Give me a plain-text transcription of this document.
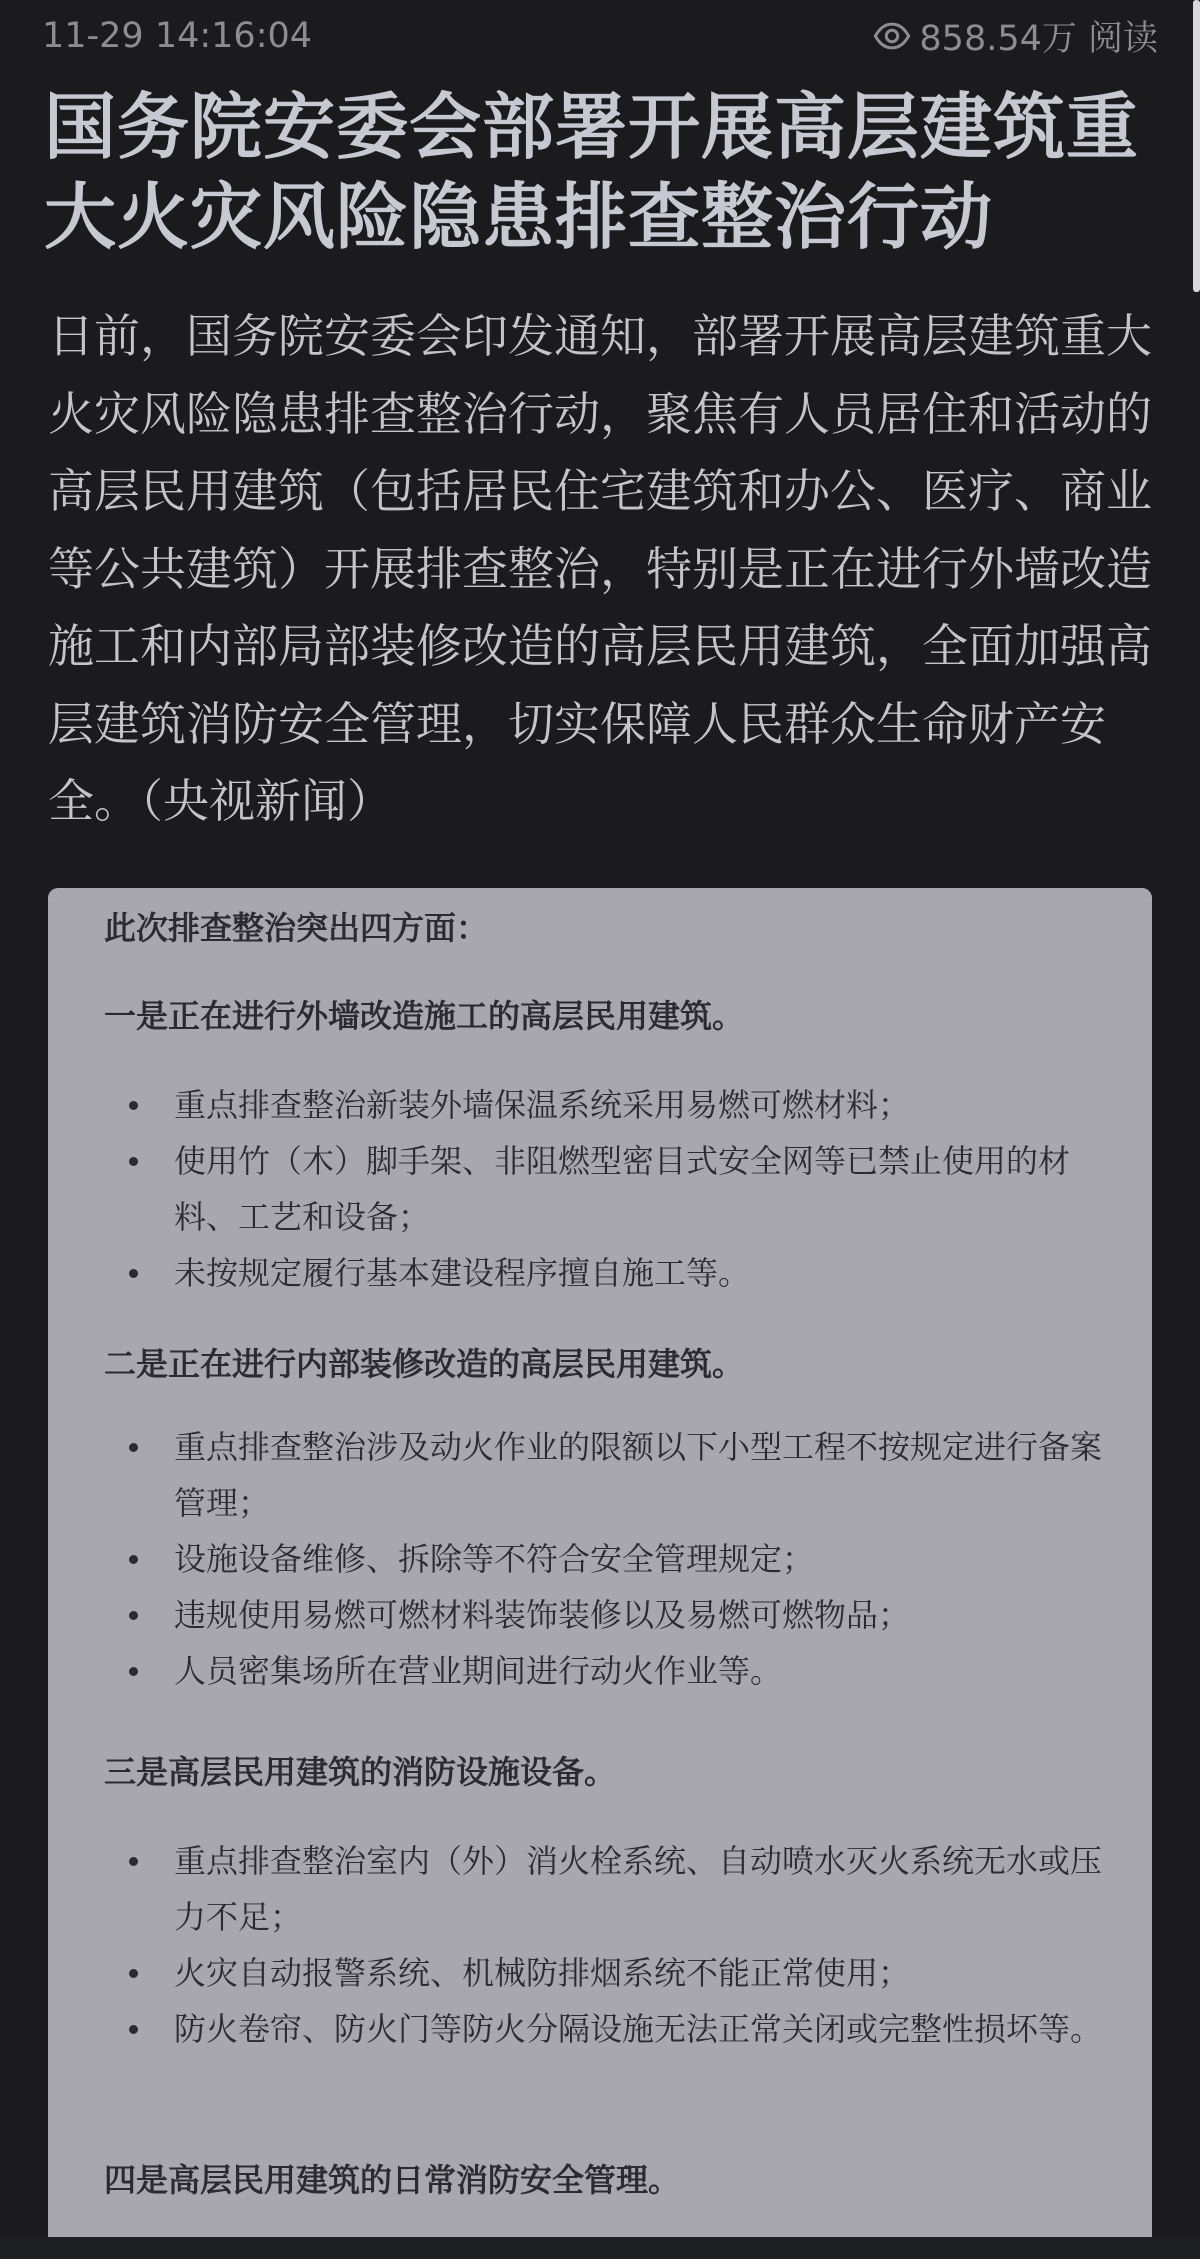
11-29 14:16:04	858.54万 阅读
国务院安委会部署开展高层建筑重大火灾风险隐患排查整治行动

日前，国务院安委会印发通知，部署开展高层建筑重大火灾风险隐患排查整治行动，聚焦有人员居住和活动的高层民用建筑（包括居民住宅建筑和办公、医疗、商业等公共建筑）开展排查整治，特别是正在进行外墙改造施工和内部局部装修改造的高层民用建筑，全面加强高层建筑消防安全管理，切实保障人民群众生命财产安全。（央视新闻）

此次排查整治突出四方面：

一是正在进行外墙改造施工的高层民用建筑。

重点排查整治新装外墙保温系统采用易燃可燃材料；
使用竹（木）脚手架、非阻燃型密目式安全网等已禁止使用的材料、工艺和设备；
未按规定履行基本建设程序擅自施工等。

二是正在进行内部装修改造的高层民用建筑。

重点排查整治涉及动火作业的限额以下小型工程不按规定进行备案管理；
设施设备维修、拆除等不符合安全管理规定；
违规使用易燃可燃材料装饰装修以及易燃可燃物品；
人员密集场所在营业期间进行动火作业等。

三是高层民用建筑的消防设施设备。

重点排查整治室内（外）消火栓系统、自动喷水灭火系统无水或压力不足；
火灾自动报警系统、机械防排烟系统不能正常使用；
防火卷帘、防火门等防火分隔设施无法正常关闭或完整性损坏等。

四是高层民用建筑的日常消防安全管理。
